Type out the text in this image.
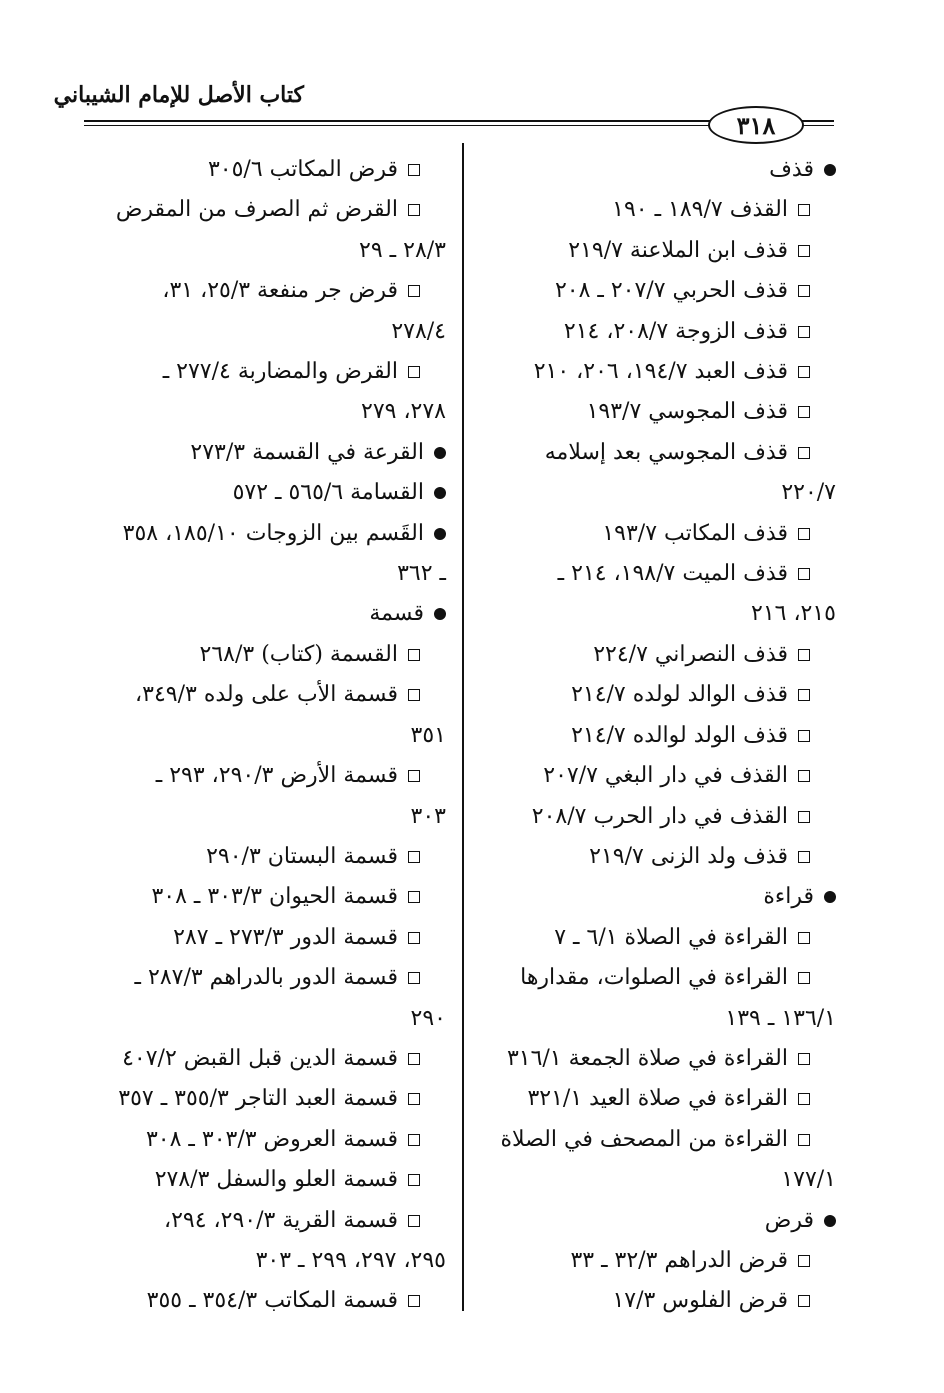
كتاب الأصل للإمام الشيباني
٣١٨
قذف
القذف ١٨٩/٧ ـ ١٩٠
قذف ابن الملاعنة ٢١٩/٧
قذف الحربي ٢٠٧/٧ ـ ٢٠٨
قذف الزوجة ٢٠٨/٧، ٢١٤
قذف العبد ١٩٤/٧، ٢٠٦، ٢١٠
قذف المجوسي ١٩٣/٧
قذف المجوسي بعد إسلامه
٢٢٠/٧
قذف المكاتب ١٩٣/٧
قذف الميت ١٩٨/٧، ٢١٤ ـ
٢١٥، ٢١٦
قذف النصراني ٢٢٤/٧
قذف الوالد لولده ٢١٤/٧
قذف الولد لوالده ٢١٤/٧
القذف في دار البغي ٢٠٧/٧
القذف في دار الحرب ٢٠٨/٧
قذف ولد الزنى ٢١٩/٧
قراءة
القراءة في الصلاة ٦/١ ـ ٧
القراءة في الصلوات، مقدارها
١٣٦/١ ـ ١٣٩
القراءة في صلاة الجمعة ٣١٦/١
القراءة في صلاة العيد ٣٢١/١
القراءة من المصحف في الصلاة
١٧٧/١
قرض
قرض الدراهم ٣٢/٣ ـ ٣٣
قرض الفلوس ١٧/٣
قرض المكاتب ٣٠٥/٦
القرض ثم الصرف من المقرض
٢٨/٣ ـ ٢٩
قرض جر منفعة ٢٥/٣، ٣١،
٢٧٨/٤
القرض والمضاربة ٢٧٧/٤ ـ
٢٧٨، ٢٧٩
القرعة في القسمة ٢٧٣/٣
القسامة ٥٦٥/٦ ـ ٥٧٢
القَسم بين الزوجات ١٨٥/١٠، ٣٥٨
ـ ٣٦٢
قسمة
القسمة (كتاب) ٢٦٨/٣
قسمة الأب على ولده ٣٤٩/٣،
٣٥١
قسمة الأرض ٢٩٠/٣، ٢٩٣ ـ
٣٠٣
قسمة البستان ٢٩٠/٣
قسمة الحيوان ٣٠٣/٣ ـ ٣٠٨
قسمة الدور ٢٧٣/٣ ـ ٢٨٧
قسمة الدور بالدراهم ٢٨٧/٣ ـ
٢٩٠
قسمة الدين قبل القبض ٤٠٧/٢
قسمة العبد التاجر ٣٥٥/٣ ـ ٣٥٧
قسمة العروض ٣٠٣/٣ ـ ٣٠٨
قسمة العلو والسفل ٢٧٨/٣
قسمة القرية ٢٩٠/٣، ٢٩٤،
٢٩٥، ٢٩٧، ٢٩٩ ـ ٣٠٣
قسمة المكاتب ٣٥٤/٣ ـ ٣٥٥
